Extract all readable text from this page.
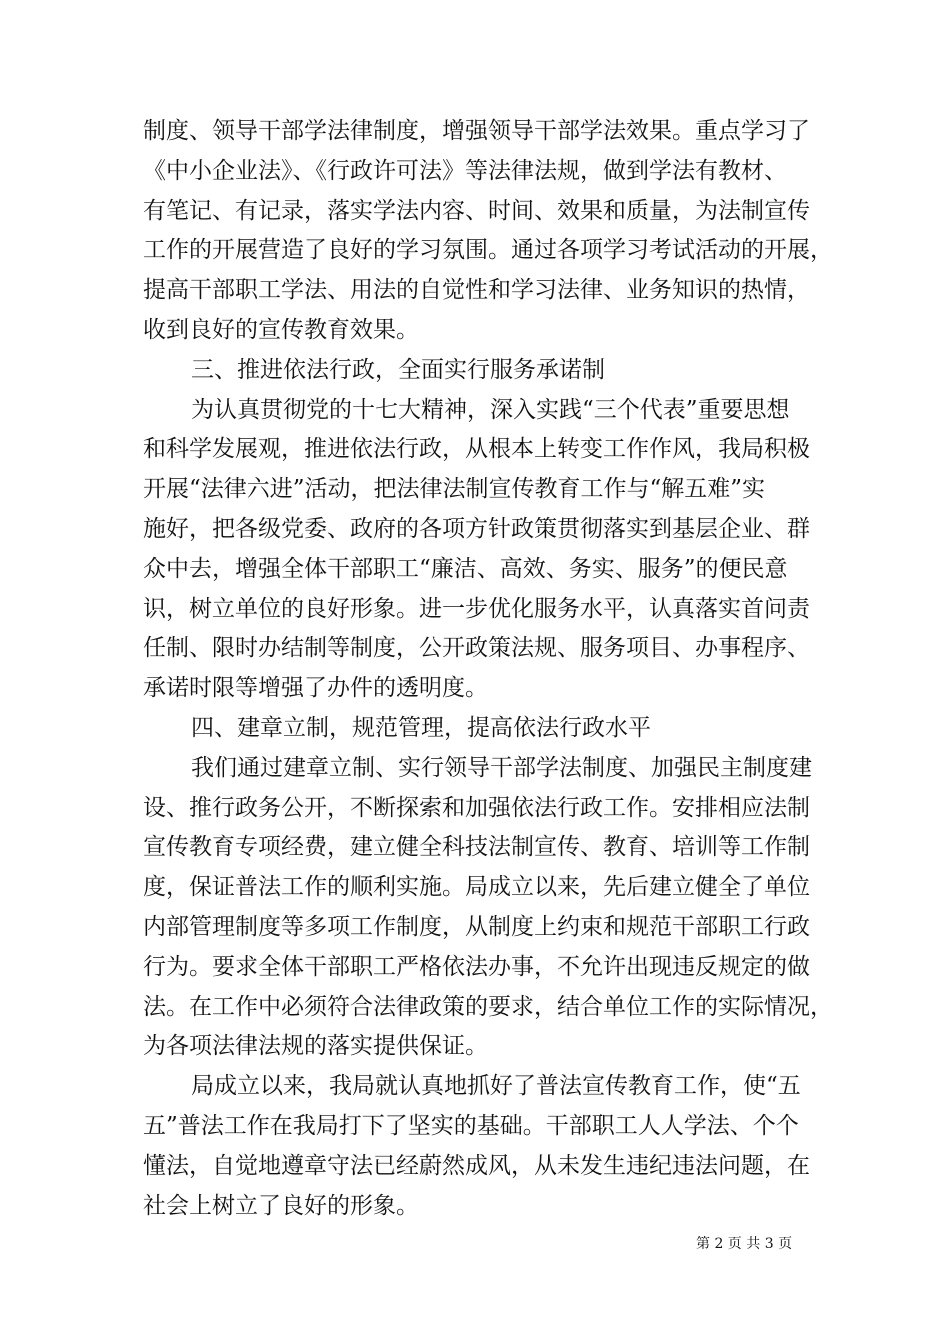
制度、领导干部学法律制度，增强领导干部学法效果。重点学习了
《中小企业法》、《行政许可法》等法律法规，做到学法有教材、
有笔记、有记录，落实学法内容、时间、效果和质量，为法制宣传
工作的开展营造了良好的学习氛围。通过各项学习考试活动的开展，
提高干部职工学法、用法的自觉性和学习法律、业务知识的热情，
收到良好的宣传教育效果。
三、推进依法行政，全面实行服务承诺制
为认真贯彻党的十七大精神，深入实践“三个代表”重要思想
和科学发展观，推进依法行政，从根本上转变工作作风，我局积极
开展“法律六进”活动，把法律法制宣传教育工作与“解五难”实
施好，把各级党委、政府的各项方针政策贯彻落实到基层企业、群
众中去，增强全体干部职工“廉洁、高效、务实、服务”的便民意
识，树立单位的良好形象。进一步优化服务水平，认真落实首问责
任制、限时办结制等制度，公开政策法规、服务项目、办事程序、
承诺时限等增强了办件的透明度。
四、建章立制，规范管理，提高依法行政水平
我们通过建章立制、实行领导干部学法制度、加强民主制度建
设、推行政务公开，不断探索和加强依法行政工作。安排相应法制
宣传教育专项经费，建立健全科技法制宣传、教育、培训等工作制
度，保证普法工作的顺利实施。局成立以来，先后建立健全了单位
内部管理制度等多项工作制度，从制度上约束和规范干部职工行政
行为。要求全体干部职工严格依法办事，不允许出现违反规定的做
法。在工作中必须符合法律政策的要求，结合单位工作的实际情况，
为各项法律法规的落实提供保证。
局成立以来，我局就认真地抓好了普法宣传教育工作，使“五
五”普法工作在我局打下了坚实的基础。干部职工人人学法、个个
懂法，自觉地遵章守法已经蔚然成风，从未发生违纪违法问题，在
社会上树立了良好的形象。
第 2 页 共 3 页
